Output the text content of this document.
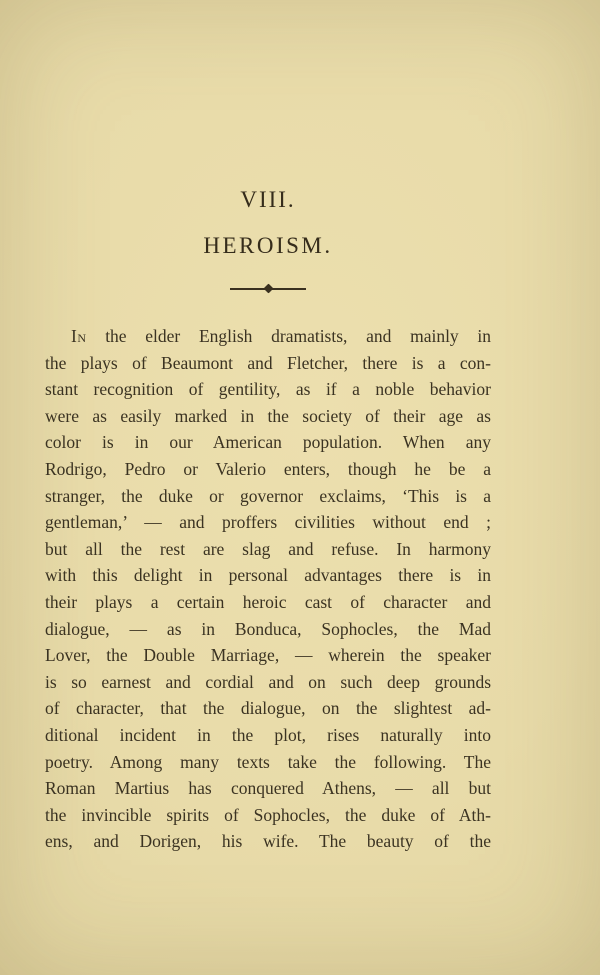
VIII.
HEROISM.
In the elder English dramatists, and mainly in
the plays of Beaumont and Fletcher, there is a con-
stant recognition of gentility, as if a noble behavior
were as easily marked in the society of their age as
color is in our American population. When any
Rodrigo, Pedro or Valerio enters, though he be a
stranger, the duke or governor exclaims, ‘This is a
gentleman,’ — and proffers civilities without end ;
but all the rest are slag and refuse. In harmony
with this delight in personal advantages there is in
their plays a certain heroic cast of character and
dialogue, — as in Bonduca, Sophocles, the Mad
Lover, the Double Marriage, — wherein the speaker
is so earnest and cordial and on such deep grounds
of character, that the dialogue, on the slightest ad-
ditional incident in the plot, rises naturally into
poetry. Among many texts take the following. The
Roman Martius has conquered Athens, — all but
the invincible spirits of Sophocles, the duke of Ath-
ens, and Dorigen, his wife. The beauty of the
